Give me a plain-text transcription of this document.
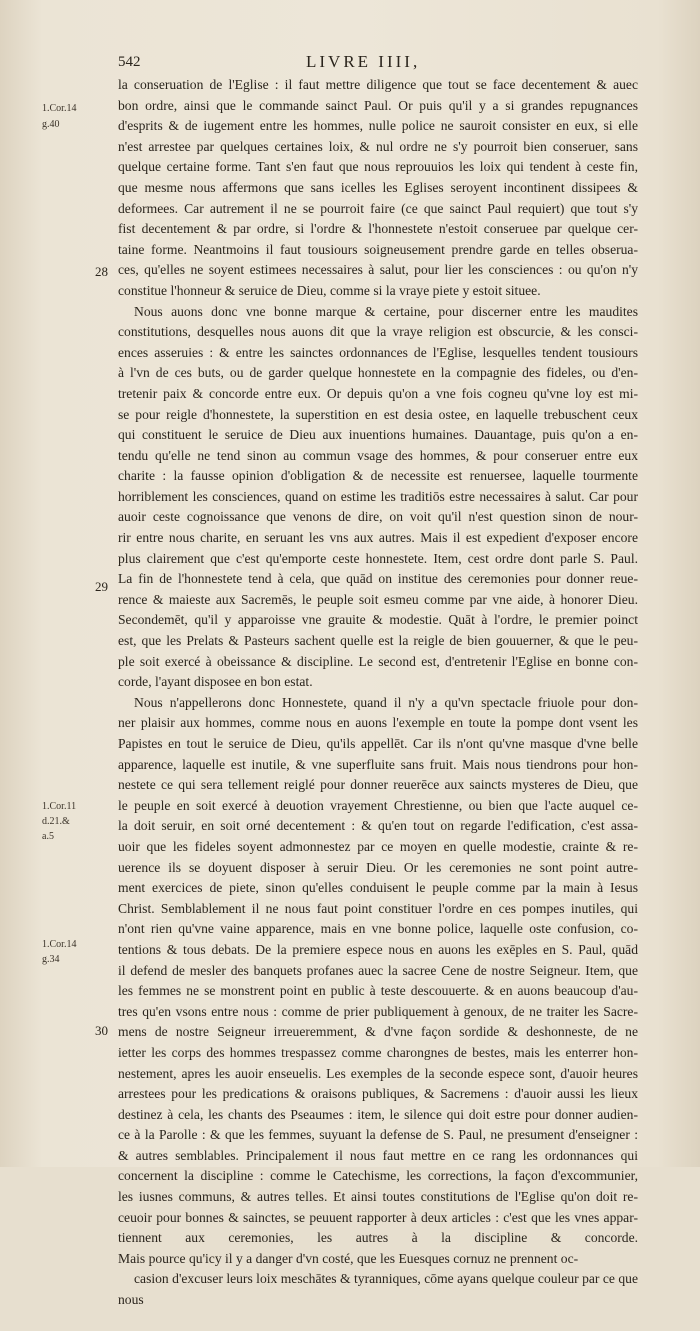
542	LIVRE IIII,
1.Cor.14
g.40
1.Cor.11
d.21.&
a.5
1.Cor.14
g.34
28
29
30
la conseruation de l'Eglise : il faut mettre diligence que tout se face decentement & auec
bon ordre, ainsi que le commande sainct Paul. Or puis qu'il y a si grandes repugnances
d'esprits & de iugement entre les hommes, nulle police ne sauroit consister en eux, si elle
n'est arrestee par quelques certaines loix, & nul ordre ne s'y pourroit bien conseruer, sans
quelque certaine forme. Tant s'en faut que nous reprouuios les loix qui tendent à ceste fin,
que mesme nous affermons que sans icelles les Eglises seroyent incontinent dissipees &
deformees. Car autrement il ne se pourroit faire (ce que sainct Paul requiert) que tout s'y
fist decentement & par ordre, si l'ordre & l'honnestete n'estoit conseruee par quelque cer-
taine forme. Neantmoins il faut tousiours soigneusement prendre garde en telles obserua-
ces, qu'elles ne soyent estimees necessaires à salut, pour lier les consciences : ou qu'on n'y
constitue l'honneur & seruice de Dieu, comme si la vraye piete y estoit situee.
Nous auons donc vne bonne marque & certaine, pour discerner entre les maudites
constitutions, desquelles nous auons dit que la vraye religion est obscurcie, & les consci-
ences asseruies : & entre les sainctes ordonnances de l'Eglise, lesquelles tendent tousiours
à l'vn de ces buts, ou de garder quelque honnestete en la compagnie des fideles, ou d'en-
tretenir paix & concorde entre eux. Or depuis qu'on a vne fois cogneu qu'vne loy est mi-
se pour reigle d'honnestete, la superstition en est desia ostee, en laquelle trebuschent ceux
qui constituent le seruice de Dieu aux inuentions humaines. Dauantage, puis qu'on a en-
tendu qu'elle ne tend sinon au commun vsage des hommes, & pour conseruer entre eux
charite : la fausse opinion d'obligation & de necessite est renuersee, laquelle tourmente
horriblement les consciences, quand on estime les traditiōs estre necessaires à salut. Car pour
auoir ceste cognoissance que venons de dire, on voit qu'il n'est question sinon de nour-
rir entre nous charite, en seruant les vns aux autres. Mais il est expedient d'exposer encore
plus clairement que c'est qu'emporte ceste honnestete. Item, cest ordre dont parle S. Paul.
La fin de l'honnestete tend à cela, que quād on institue des ceremonies pour donner reue-
rence & maieste aux Sacremēs, le peuple soit esmeu comme par vne aide, à honorer Dieu.
Secondemēt, qu'il y apparoisse vne grauite & modestie. Quāt à l'ordre, le premier poinct
est, que les Prelats & Pasteurs sachent quelle est la reigle de bien gouuerner, & que le peu-
ple soit exercé à obeissance & discipline. Le second est, d'entretenir l'Eglise en bonne con-
corde, l'ayant disposee en bon estat.
Nous n'appellerons donc Honnestete, quand il n'y a qu'vn spectacle friuole pour don-
ner plaisir aux hommes, comme nous en auons l'exemple en toute la pompe dont vsent les
Papistes en tout le seruice de Dieu, qu'ils appellēt. Car ils n'ont qu'vne masque d'vne belle
apparence, laquelle est inutile, & vne superfluite sans fruit. Mais nous tiendrons pour hon-
nestete ce qui sera tellement reiglé pour donner reuerēce aux saincts mysteres de Dieu, que
le peuple en soit exercé à deuotion vrayement Chrestienne, ou bien que l'acte auquel ce-
la doit seruir, en soit orné decentement : & qu'en tout on regarde l'edification, c'est assa-
uoir que les fideles soyent admonnestez par ce moyen en quelle modestie, crainte & re-
uerence ils se doyuent disposer à seruir Dieu. Or les ceremonies ne sont point autre-
ment exercices de piete, sinon qu'elles conduisent le peuple comme par la main à Iesus
Christ. Semblablement il ne nous faut point constituer l'ordre en ces pompes inutiles, qui
n'ont rien qu'vne vaine apparence, mais en vne bonne police, laquelle oste confusion, co-
tentions & tous debats. De la premiere espece nous en auons les exēples en S. Paul, quād
il defend de mesler des banquets profanes auec la sacree Cene de nostre Seigneur. Item, que
les femmes ne se monstrent point en public à teste descouuerte. & en auons beaucoup d'au-
tres qu'en vsons entre nous : comme de prier publiquement à genoux, de ne traiter les Sacre-
mens de nostre Seigneur irreueremment, & d'vne façon sordide & deshonneste, de ne
ietter les corps des hommes trespassez comme charongnes de bestes, mais les enterrer hon-
nestement, apres les auoir enseuelis. Les exemples de la seconde espece sont, d'auoir heures
arrestees pour les predications & oraisons publiques, & Sacremens : d'auoir aussi les lieux
destinez à cela, les chants des Pseaumes : item, le silence qui doit estre pour donner audien-
ce à la Parolle : & que les femmes, suyuant la defense de S. Paul, ne presument d'enseigner :
& autres semblables. Principalement il nous faut mettre en ce rang les ordonnances qui
concernent la discipline : comme le Catechisme, les corrections, la façon d'excommunier,
les iusnes communs, & autres telles. Et ainsi toutes constitutions de l'Eglise qu'on doit re-
ceuoir pour bonnes & sainctes, se peuuent rapporter à deux articles : c'est que les vnes appar-
tiennent aux ceremonies, les autres à la discipline & concorde.
Mais pource qu'icy il y a danger d'vn costé, que les Euesques cornuz ne prennent oc-
casion d'excuser leurs loix meschātes & tyranniques, cōme ayans quelque couleur par ce que
nous
